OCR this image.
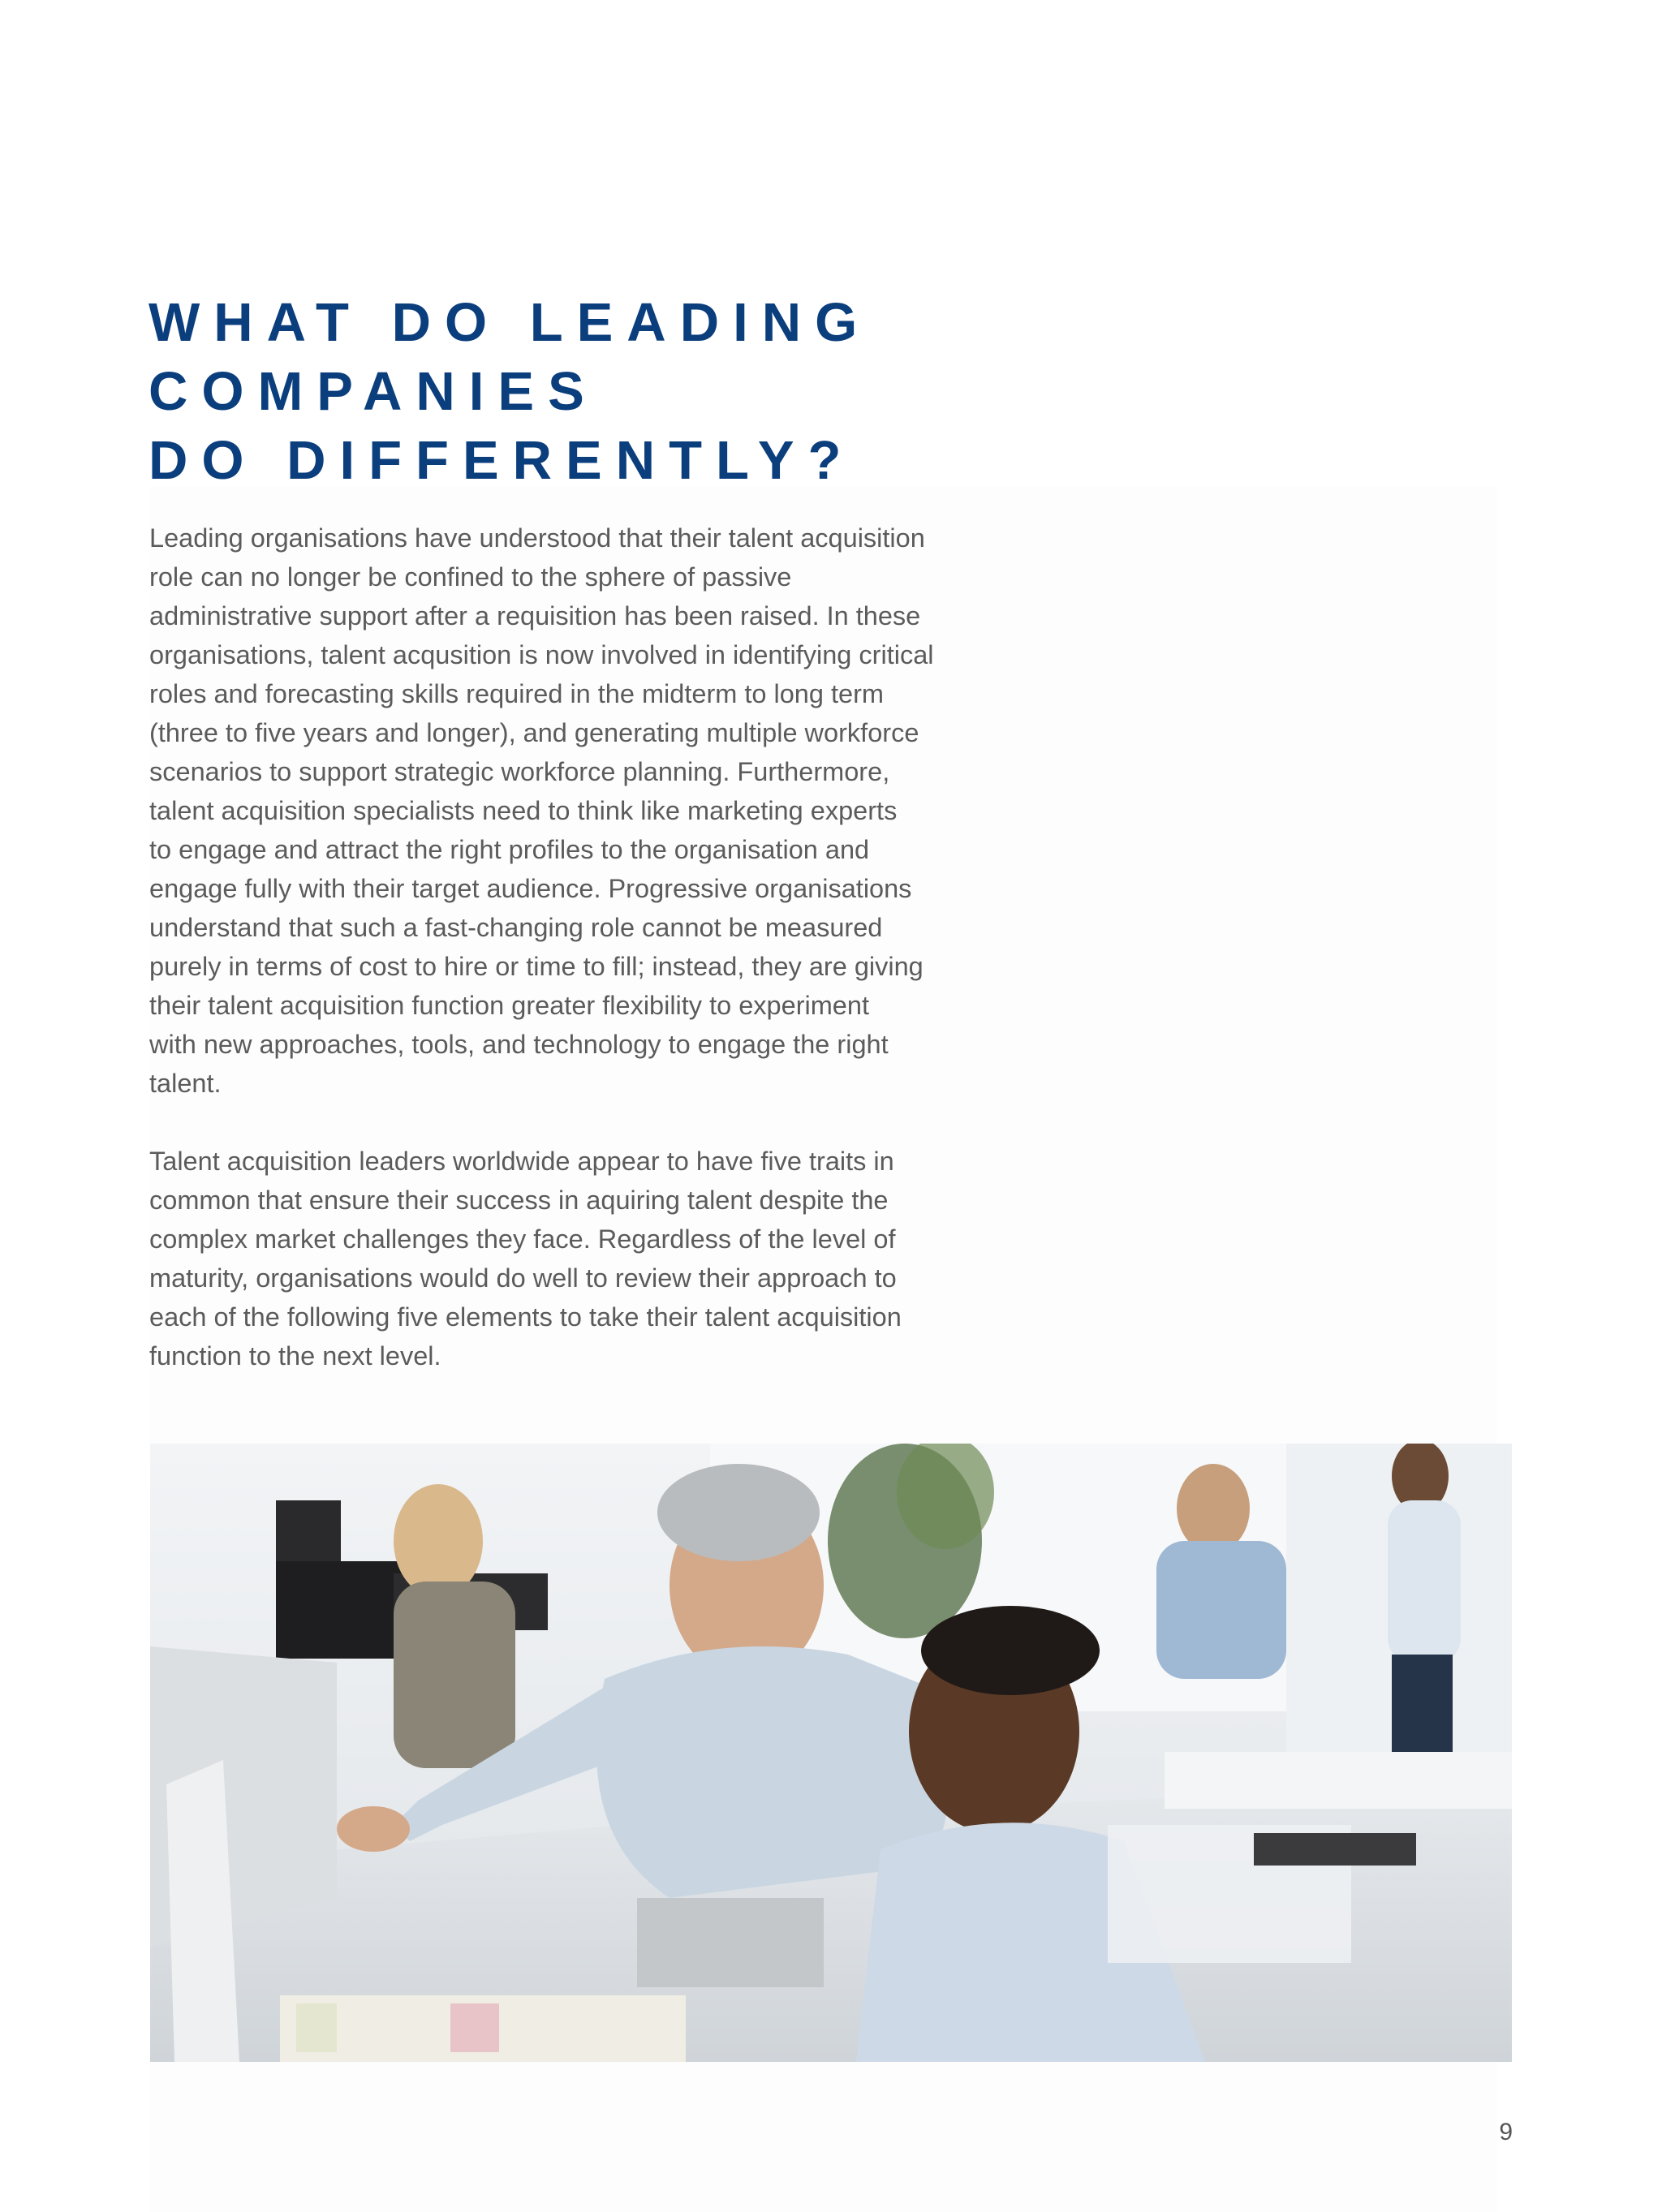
WHAT DO LEADING
COMPANIES
DO DIFFERENTLY?

Leading organisations have understood that their talent acquisition
role can no longer be confined to the sphere of passive
administrative support after a requisition has been raised. In these
organisations, talent acqusition is now involved in identifying critical
roles and forecasting skills required in the midterm to long term
(three to five years and longer), and generating multiple workforce
scenarios to support strategic workforce planning. Furthermore,
talent acquisition specialists need to think like marketing experts
to engage and attract the right profiles to the organisation and
engage fully with their target audience. Progressive organisations
understand that such a fast-changing role cannot be measured
purely in terms of cost to hire or time to fill; instead, they are giving
their talent acquisition function greater flexibility to experiment
with new approaches, tools, and technology to engage the right
talent.

Talent acquisition leaders worldwide appear to have five traits in
common that ensure their success in aquiring talent despite the
complex market challenges they face. Regardless of the level of
maturity, organisations would do well to review their approach to
each of the following five elements to take their talent acquisition
function to the next level.

9
